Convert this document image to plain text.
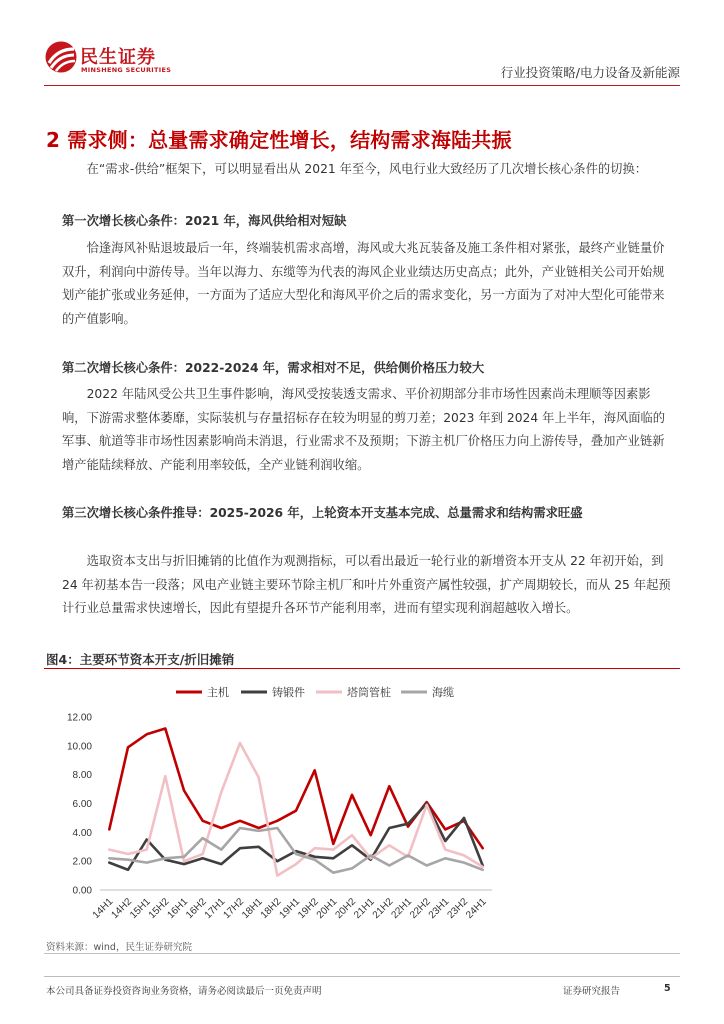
民生证券
MINSHENG SECURITIES	行业投资策略/电力设备及新能源
2 需求侧：总量需求确定性增长，结构需求海陆共振

在“需求-供给”框架下，可以明显看出从 2021 年至今，风电行业大致经历了几次增长核心条件的切换：

第一次增长核心条件：2021 年，海风供给相对短缺

恰逢海风补贴退坡最后一年，终端装机需求高增，海风或大兆瓦装备及施工条件相对紧张，最终产业链量价双升，利润向中游传导。当年以海力、东缆等为代表的海风企业业绩达历史高点；此外，产业链相关公司开始规划产能扩张或业务延伸，一方面为了适应大型化和海风平价之后的需求变化，另一方面为了对冲大型化可能带来的产值影响。

第二次增长核心条件：2022-2024 年，需求相对不足，供给侧价格压力较大

2022 年陆风受公共卫生事件影响，海风受按装透支需求、平价初期部分非市场性因素尚未理顺等因素影响，下游需求整体萎靡，实际装机与存量招标存在较为明显的剪刀差；2023 年到 2024 年上半年，海风面临的军事、航道等非市场性因素影响尚未消退，行业需求不及预期；下游主机厂价格压力向上游传导，叠加产业链新增产能陆续释放、产能利用率较低，全产业链利润收缩。

第三次增长核心条件推导：2025-2026 年，上轮资本开支基本完成、总量需求和结构需求旺盛

选取资本支出与折旧摊销的比值作为观测指标，可以看出最近一轮行业的新增资本开支从 22 年初开始，到 24 年初基本告一段落；风电产业链主要环节除主机厂和叶片外重资产属性较强，扩产周期较长，而从 25 年起预计行业总量需求快速增长，因此有望提升各环节产能利用率，进而有望实现利润超越收入增长。

图4：主要环节资本开支/折旧摊销
主机	铸锻件	塔筒管桩	海缆
0.00
2.00
4.00
6.00
8.00
10.00
12.00
14H1
14H2
15H1
15H2
16H1
16H2
17H1
17H2
18H1
18H2
19H1
19H2
20H1
20H2
21H1
21H2
22H1
22H2
23H1
23H2
24H1
资料来源：wind，民生证券研究院
本公司具备证券投资咨询业务资格，请务必阅读最后一页免责声明	证券研究报告	5
